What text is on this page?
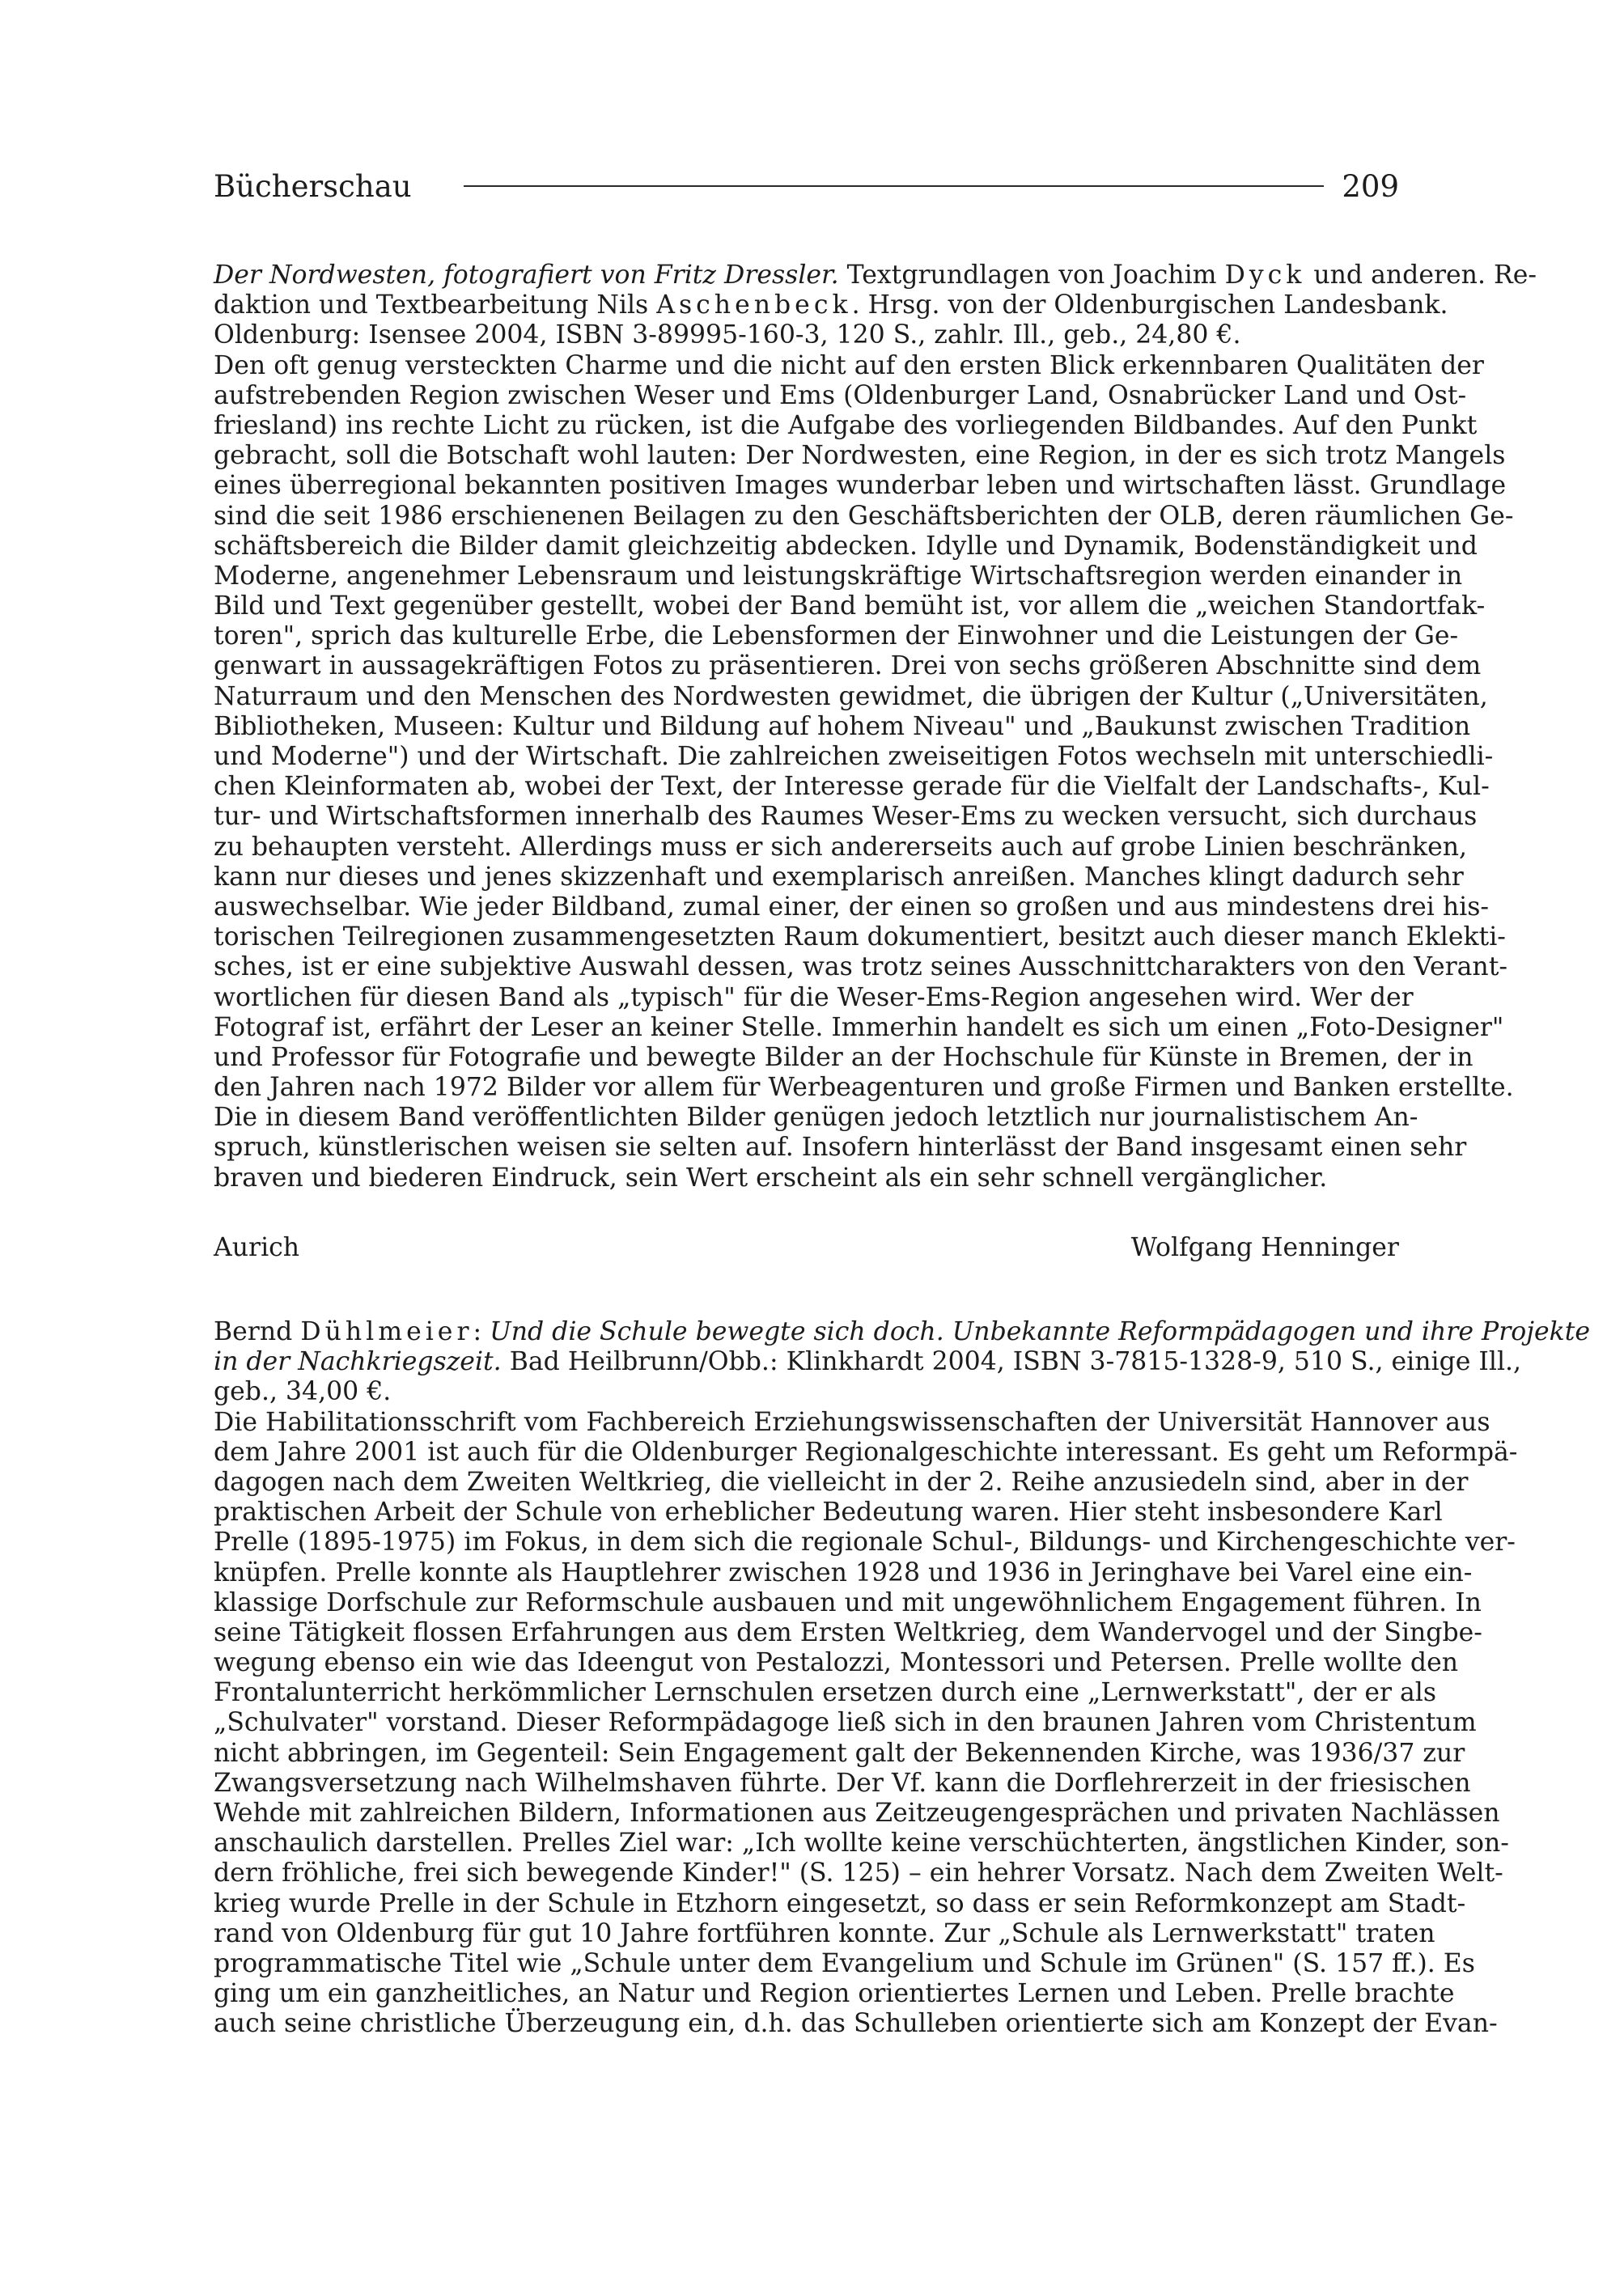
Bücherschau	209
Der Nordwesten, fotografiert von Fritz Dressler. Textgrundlagen von Joachim Dyck und anderen. Re-
daktion und Textbearbeitung Nils Aschenbeck. Hrsg. von der Oldenburgischen Landesbank.
Oldenburg: Isensee 2004, ISBN 3-89995-160-3, 120 S., zahlr. Ill., geb., 24,80 €.
Den oft genug versteckten Charme und die nicht auf den ersten Blick erkennbaren Qualitäten der
aufstrebenden Region zwischen Weser und Ems (Oldenburger Land, Osnabrücker Land und Ost-
friesland) ins rechte Licht zu rücken, ist die Aufgabe des vorliegenden Bildbandes. Auf den Punkt
gebracht, soll die Botschaft wohl lauten: Der Nordwesten, eine Region, in der es sich trotz Mangels
eines überregional bekannten positiven Images wunderbar leben und wirtschaften lässt. Grundlage
sind die seit 1986 erschienenen Beilagen zu den Geschäftsberichten der OLB, deren räumlichen Ge-
schäftsbereich die Bilder damit gleichzeitig abdecken. Idylle und Dynamik, Bodenständigkeit und
Moderne, angenehmer Lebensraum und leistungskräftige Wirtschaftsregion werden einander in
Bild und Text gegenüber gestellt, wobei der Band bemüht ist, vor allem die „weichen Standortfak-
toren", sprich das kulturelle Erbe, die Lebensformen der Einwohner und die Leistungen der Ge-
genwart in aussagekräftigen Fotos zu präsentieren. Drei von sechs größeren Abschnitte sind dem
Naturraum und den Menschen des Nordwesten gewidmet, die übrigen der Kultur („Universitäten,
Bibliotheken, Museen: Kultur und Bildung auf hohem Niveau" und „Baukunst zwischen Tradition
und Moderne") und der Wirtschaft. Die zahlreichen zweiseitigen Fotos wechseln mit unterschiedli-
chen Kleinformaten ab, wobei der Text, der Interesse gerade für die Vielfalt der Landschafts-, Kul-
tur- und Wirtschaftsformen innerhalb des Raumes Weser-Ems zu wecken versucht, sich durchaus
zu behaupten versteht. Allerdings muss er sich andererseits auch auf grobe Linien beschränken,
kann nur dieses und jenes skizzenhaft und exemplarisch anreißen. Manches klingt dadurch sehr
auswechselbar. Wie jeder Bildband, zumal einer, der einen so großen und aus mindestens drei his-
torischen Teilregionen zusammengesetzten Raum dokumentiert, besitzt auch dieser manch Eklekti-
sches, ist er eine subjektive Auswahl dessen, was trotz seines Ausschnittcharakters von den Verant-
wortlichen für diesen Band als „typisch" für die Weser-Ems-Region angesehen wird. Wer der
Fotograf ist, erfährt der Leser an keiner Stelle. Immerhin handelt es sich um einen „Foto-Designer"
und Professor für Fotografie und bewegte Bilder an der Hochschule für Künste in Bremen, der in
den Jahren nach 1972 Bilder vor allem für Werbeagenturen und große Firmen und Banken erstellte.
Die in diesem Band veröffentlichten Bilder genügen jedoch letztlich nur journalistischem An-
spruch, künstlerischen weisen sie selten auf. Insofern hinterlässt der Band insgesamt einen sehr
braven und biederen Eindruck, sein Wert erscheint als ein sehr schnell vergänglicher.
Aurich	Wolfgang Henninger
Bernd Dühlmeier: Und die Schule bewegte sich doch. Unbekannte Reformpädagogen und ihre Projekte
in der Nachkriegszeit. Bad Heilbrunn/Obb.: Klinkhardt 2004, ISBN 3-7815-1328-9, 510 S., einige Ill.,
geb., 34,00 €.
Die Habilitationsschrift vom Fachbereich Erziehungswissenschaften der Universität Hannover aus
dem Jahre 2001 ist auch für die Oldenburger Regionalgeschichte interessant. Es geht um Reformpä-
dagogen nach dem Zweiten Weltkrieg, die vielleicht in der 2. Reihe anzusiedeln sind, aber in der
praktischen Arbeit der Schule von erheblicher Bedeutung waren. Hier steht insbesondere Karl
Prelle (1895-1975) im Fokus, in dem sich die regionale Schul-, Bildungs- und Kirchengeschichte ver-
knüpfen. Prelle konnte als Hauptlehrer zwischen 1928 und 1936 in Jeringhave bei Varel eine ein-
klassige Dorfschule zur Reformschule ausbauen und mit ungewöhnlichem Engagement führen. In
seine Tätigkeit flossen Erfahrungen aus dem Ersten Weltkrieg, dem Wandervogel und der Singbe-
wegung ebenso ein wie das Ideengut von Pestalozzi, Montessori und Petersen. Prelle wollte den
Frontalunterricht herkömmlicher Lernschulen ersetzen durch eine „Lernwerkstatt", der er als
„Schulvater" vorstand. Dieser Reformpädagoge ließ sich in den braunen Jahren vom Christentum
nicht abbringen, im Gegenteil: Sein Engagement galt der Bekennenden Kirche, was 1936/37 zur
Zwangsversetzung nach Wilhelmshaven führte. Der Vf. kann die Dorflehrerzeit in der friesischen
Wehde mit zahlreichen Bildern, Informationen aus Zeitzeugengesprächen und privaten Nachlässen
anschaulich darstellen. Prelles Ziel war: „Ich wollte keine verschüchterten, ängstlichen Kinder, son-
dern fröhliche, frei sich bewegende Kinder!" (S. 125) – ein hehrer Vorsatz. Nach dem Zweiten Welt-
krieg wurde Prelle in der Schule in Etzhorn eingesetzt, so dass er sein Reformkonzept am Stadt-
rand von Oldenburg für gut 10 Jahre fortführen konnte. Zur „Schule als Lernwerkstatt" traten
programmatische Titel wie „Schule unter dem Evangelium und Schule im Grünen" (S. 157 ff.). Es
ging um ein ganzheitliches, an Natur und Region orientiertes Lernen und Leben. Prelle brachte
auch seine christliche Überzeugung ein, d.h. das Schulleben orientierte sich am Konzept der Evan-
